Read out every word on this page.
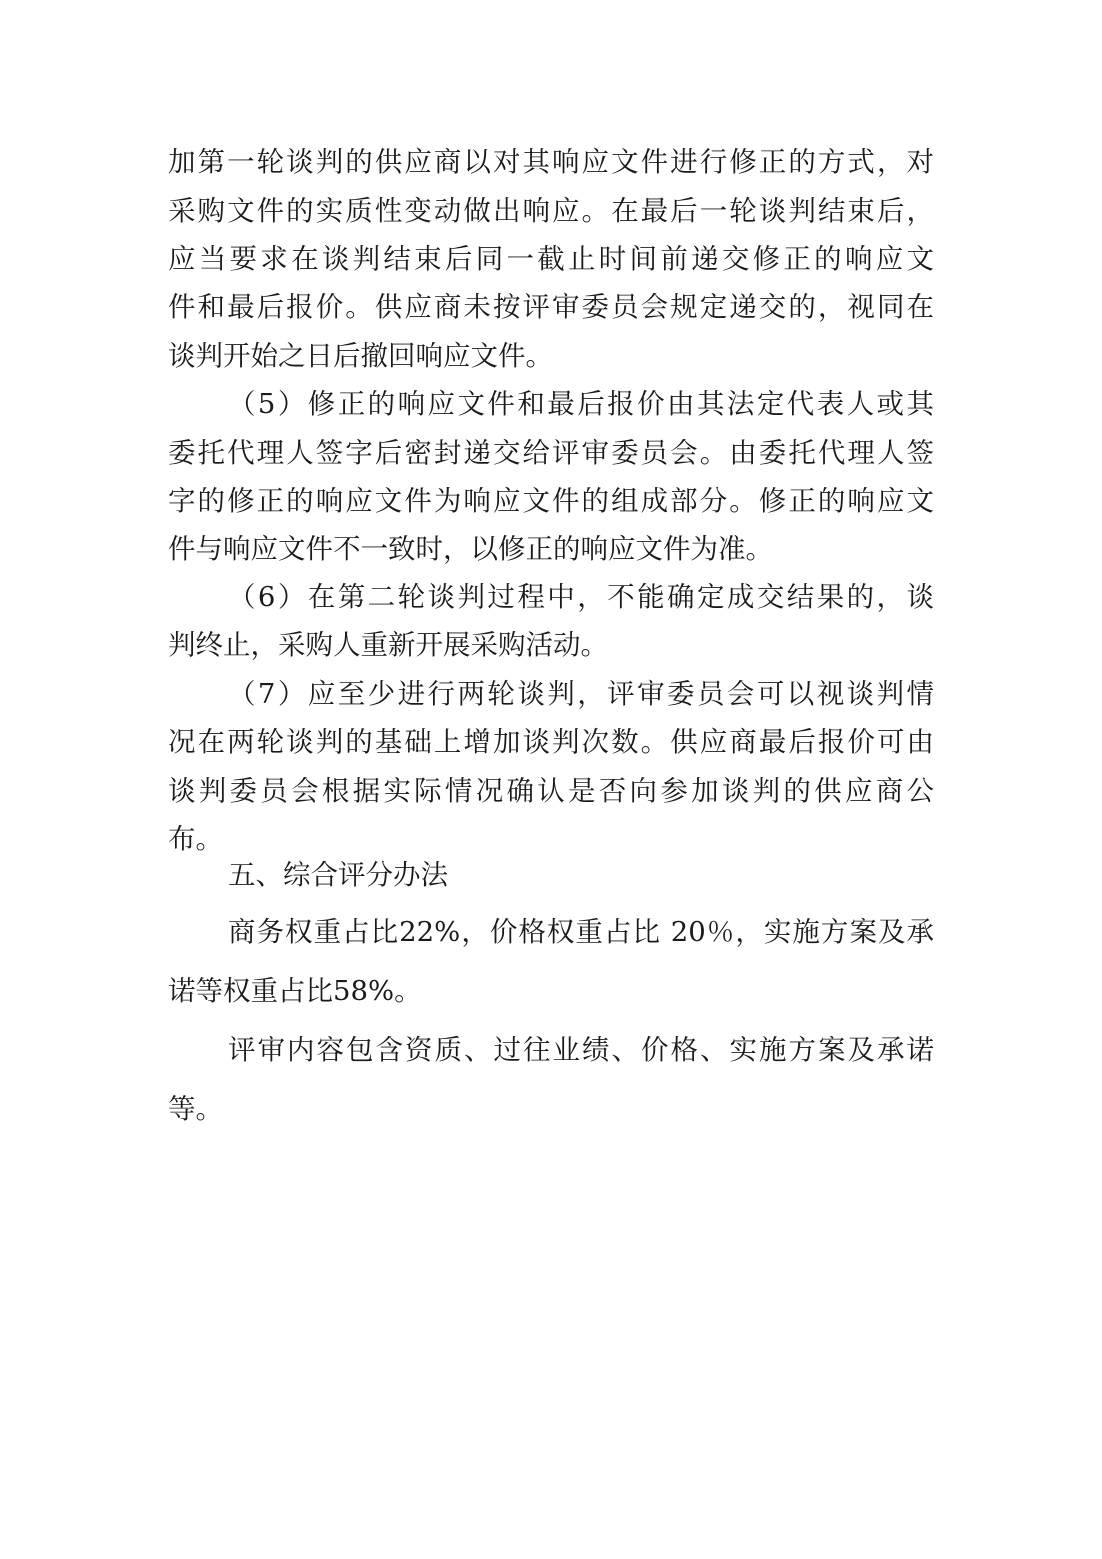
加第一轮谈判的供应商以对其响应文件进行修正的方式，对
采购文件的实质性变动做出响应。在最后一轮谈判结束后，
应当要求在谈判结束后同一截止时间前递交修正的响应文
件和最后报价。供应商未按评审委员会规定递交的，视同在
谈判开始之日后撤回响应文件。
（5）修正的响应文件和最后报价由其法定代表人或其
委托代理人签字后密封递交给评审委员会。由委托代理人签
字的修正的响应文件为响应文件的组成部分。修正的响应文
件与响应文件不一致时，以修正的响应文件为准。
（6）在第二轮谈判过程中，不能确定成交结果的，谈
判终止，采购人重新开展采购活动。
（7）应至少进行两轮谈判，评审委员会可以视谈判情
况在两轮谈判的基础上增加谈判次数。供应商最后报价可由
谈判委员会根据实际情况确认是否向参加谈判的供应商公
布。
五、综合评分办法
商务权重占比22%，价格权重占比 20％，实施方案及承
诺等权重占比58%。
评审内容包含资质、过往业绩、价格、实施方案及承诺
等。
